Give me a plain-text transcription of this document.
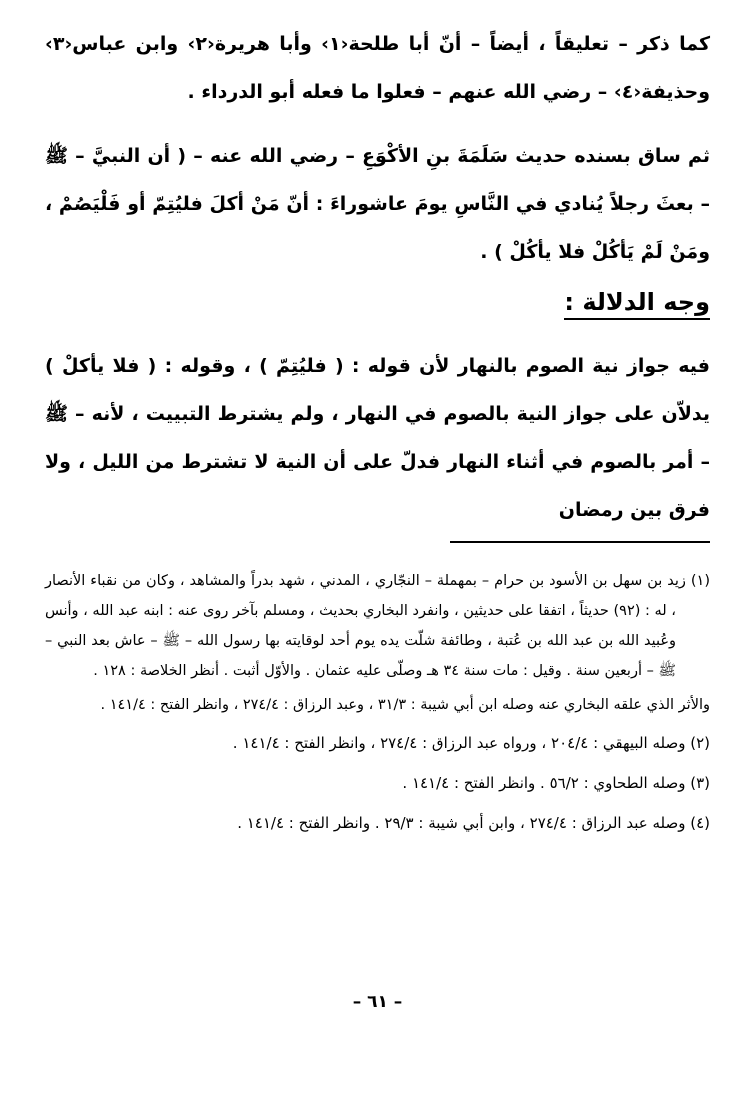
كما ذكر – تعليقاً ، أيضاً – أنّ أبا طلحة‹١› وأبا هريرة‹٢› وابن عباس‹٣› وحذيفة‹٤› – رضي الله عنهم – فعلوا ما فعله أبو الدرداء .

ثم ساق بسنده حديث سَلَمَةَ بنِ الأكْوَعِ – رضي الله عنه – ( أن النبيَّ – ﷺ – بعثَ رجلاً يُنادي في النَّاسِ يومَ عاشوراءَ : أنّ مَنْ أكلَ فليُتِمّ أو فَلْيَصُمْ ، ومَنْ لَمْ يَأكُلْ فلا يأكُلْ ) .

وجه الدلالة :

فيه جواز نية الصوم بالنهار لأن قوله : ( فليُتِمّ ) ، وقوله : ( فلا يأكلْ ) يدلاّن على جواز النية بالصوم في النهار ، ولم يشترط التبييت ، لأنه – ﷺ – أمر بالصوم في أثناء النهار فدلّ على أن النية لا تشترط من الليل ، ولا فرق بين رمضان

(١) زيد بن سهل بن الأسود بن حرام – بمهملة – النجّاري ، المدني ، شهد بدراً والمشاهد ، وكان من نقباء الأنصار ، له : (٩٢) حديثاً ، اتفقا على حديثين ، وانفرد البخاري بحديث ، ومسلم بآخر روى عنه : ابنه عبد الله ، وأنس وعُبيد الله بن عبد الله بن عُتبة ، وطائفة شلّت يده يوم أحد لوقايته بها رسول الله – ﷺ – عاش بعد النبي – ﷺ – أربعين سنة . وقيل : مات سنة ٣٤ هـ وصلّى عليه عثمان . والأوّل أثبت . أنظر الخلاصة : ١٢٨ .

والأثر الذي علقه البخاري عنه وصله ابن أبي شيبة : ٣١/٣ ، وعبد الرزاق : ٢٧٤/٤ ، وانظر الفتح : ١٤١/٤ .

(٢) وصله البيهقي : ٢٠٤/٤ ، ورواه عبد الرزاق : ٢٧٤/٤ ، وانظر الفتح : ١٤١/٤ .

(٣) وصله الطحاوي : ٥٦/٢ . وانظر الفتح : ١٤١/٤ .

(٤) وصله عبد الرزاق : ٢٧٤/٤ ، وابن أبي شيبة : ٢٩/٣ . وانظر الفتح : ١٤١/٤ .

– ٦١ –
